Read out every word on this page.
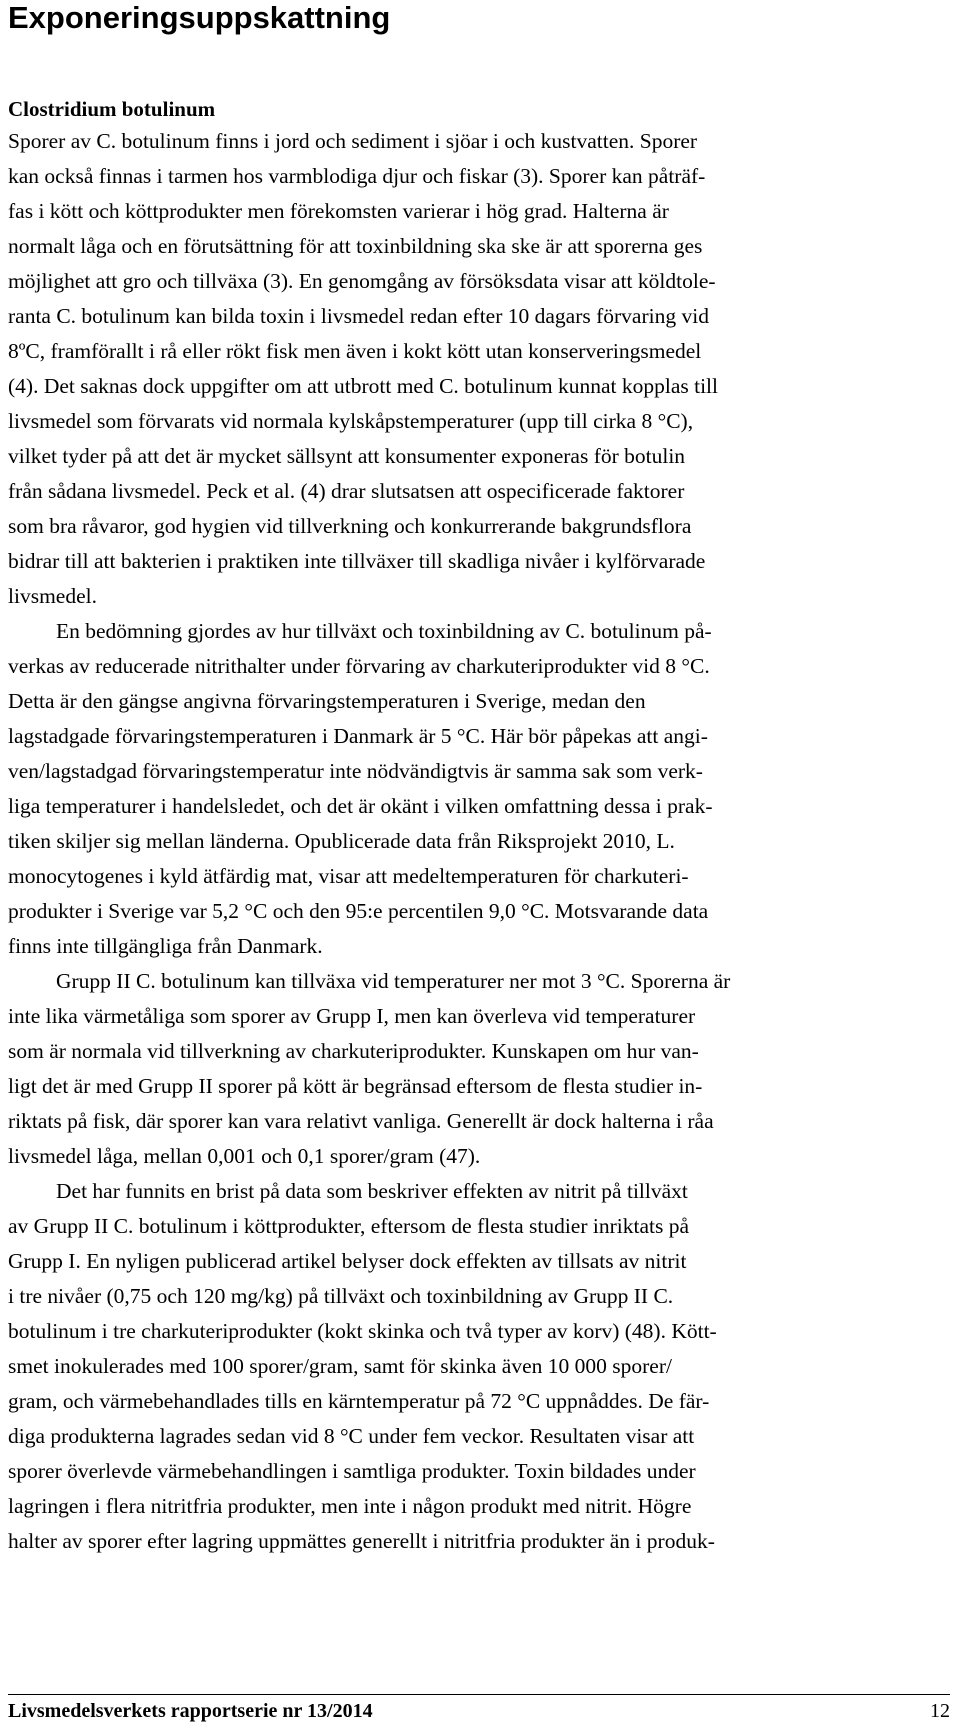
Exponeringsuppskattning
Clostridium botulinum
Sporer av C. botulinum finns i jord och sediment i sjöar i och kustvatten. Sporer
kan också finnas i tarmen hos varmblodiga djur och fiskar (3). Sporer kan påträf-
fas i kött och köttprodukter men förekomsten varierar i hög grad. Halterna är
normalt låga och en förutsättning för att toxinbildning ska ske är att sporerna ges
möjlighet att gro och tillväxa (3). En genomgång av försöksdata visar att köldtole-
ranta C. botulinum kan bilda toxin i livsmedel redan efter 10 dagars förvaring vid
8ºC, framförallt i rå eller rökt fisk men även i kokt kött utan konserveringsmedel
(4). Det saknas dock uppgifter om att utbrott med C. botulinum kunnat kopplas till
livsmedel som förvarats vid normala kylskåpstemperaturer (upp till cirka 8 °C),
vilket tyder på att det är mycket sällsynt att konsumenter exponeras för botulin
från sådana livsmedel. Peck et al. (4) drar slutsatsen att ospecificerade faktorer
som bra råvaror, god hygien vid tillverkning och konkurrerande bakgrundsflora
bidrar till att bakterien i praktiken inte tillväxer till skadliga nivåer i kylförvarade
livsmedel.
En bedömning gjordes av hur tillväxt och toxinbildning av C. botulinum på-
verkas av reducerade nitrithalter under förvaring av charkuteriprodukter vid 8 °C.
Detta är den gängse angivna förvaringstemperaturen i Sverige, medan den
lagstadgade förvaringstemperaturen i Danmark är 5 °C. Här bör påpekas att angi-
ven/lagstadgad förvaringstemperatur inte nödvändigtvis är samma sak som verk-
liga temperaturer i handelsledet, och det är okänt i vilken omfattning dessa i prak-
tiken skiljer sig mellan länderna. Opublicerade data från Riksprojekt 2010, L.
monocytogenes i kyld ätfärdig mat, visar att medeltemperaturen för charkuteri-
produkter i Sverige var 5,2 °C och den 95:e percentilen 9,0 °C. Motsvarande data
finns inte tillgängliga från Danmark.
Grupp II C. botulinum kan tillväxa vid temperaturer ner mot 3 °C. Sporerna är
inte lika värmetåliga som sporer av Grupp I, men kan överleva vid temperaturer
som är normala vid tillverkning av charkuteriprodukter. Kunskapen om hur van-
ligt det är med Grupp II sporer på kött är begränsad eftersom de flesta studier in-
riktats på fisk, där sporer kan vara relativt vanliga. Generellt är dock halterna i råa
livsmedel låga, mellan 0,001 och 0,1 sporer/gram (47).
Det har funnits en brist på data som beskriver effekten av nitrit på tillväxt
av Grupp II C. botulinum i köttprodukter, eftersom de flesta studier inriktats på
Grupp I. En nyligen publicerad artikel belyser dock effekten av tillsats av nitrit
i tre nivåer (0,75 och 120 mg/kg) på tillväxt och toxinbildning av Grupp II C.
botulinum i tre charkuteriprodukter (kokt skinka och två typer av korv) (48). Kött-
smet inokulerades med 100 sporer/gram, samt för skinka även 10 000 sporer/
gram, och värmebehandlades tills en kärntemperatur på 72 °C uppnåddes. De fär-
diga produkterna lagrades sedan vid 8 °C under fem veckor. Resultaten visar att
sporer överlevde värmebehandlingen i samtliga produkter. Toxin bildades under
lagringen i flera nitritfria produkter, men inte i någon produkt med nitrit. Högre
halter av sporer efter lagring uppmättes generellt i nitritfria produkter än i produk-
Livsmedelsverkets rapportserie nr 13/2014	12
